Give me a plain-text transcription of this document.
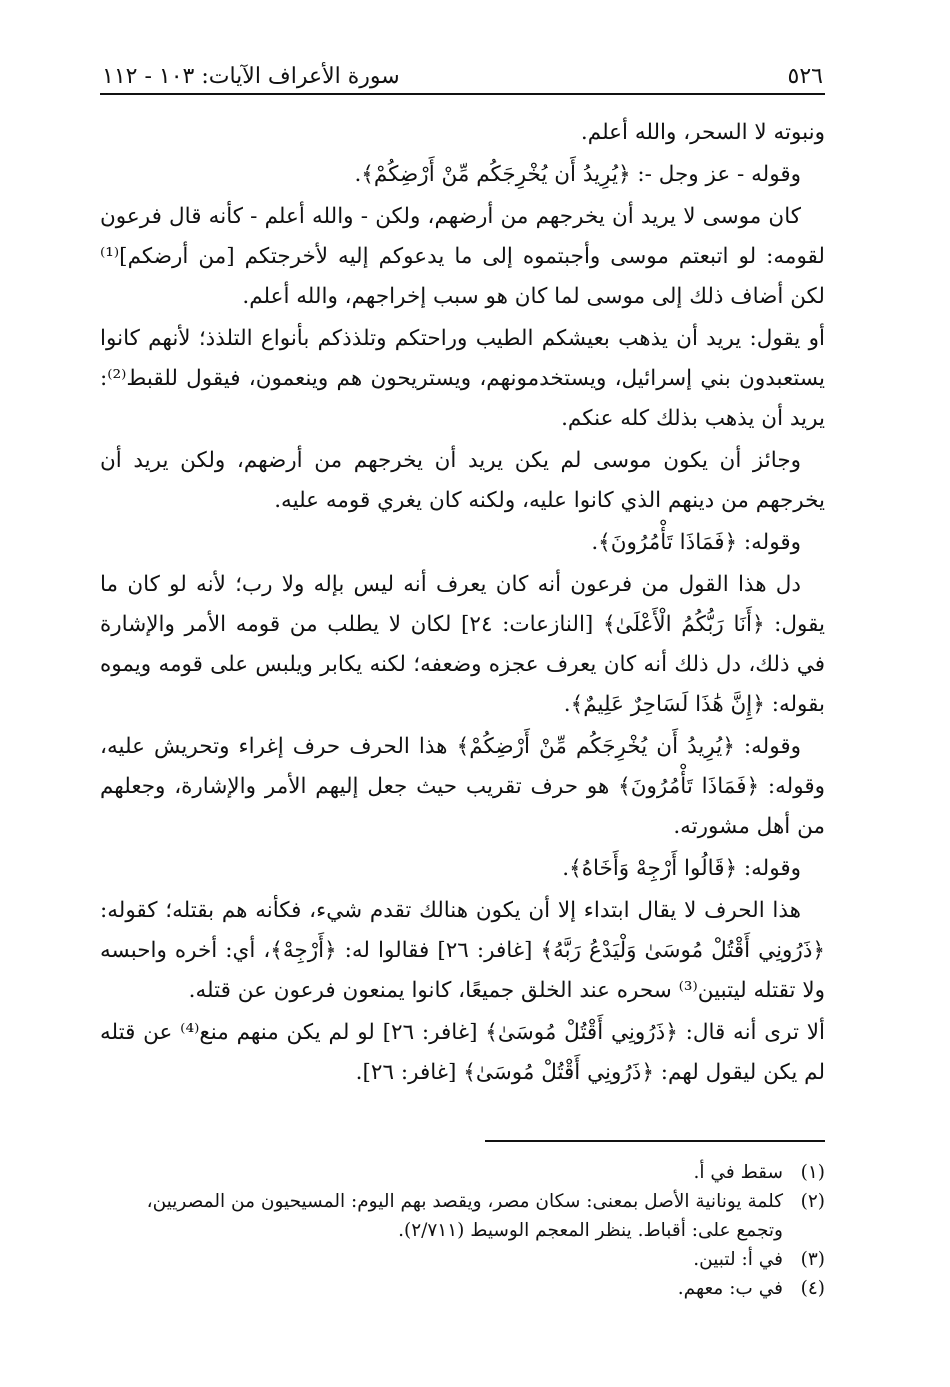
٥٢٦
سورة الأعراف الآيات: ١٠٣ - ١١٢

ونبوته لا السحر، والله أعلم.

وقوله - عز وجل -: ﴿يُرِيدُ أَن يُخْرِجَكُم مِّنْ أَرْضِكُمْ﴾.

كان موسى لا يريد أن يخرجهم من أرضهم، ولكن - والله أعلم - كأنه قال فرعون لقومه: لو اتبعتم موسى وأجبتموه إلى ما يدعوكم إليه لأخرجتكم [من أرضكم]⁽¹⁾ لكن أضاف ذلك إلى موسى لما كان هو سبب إخراجهم، والله أعلم.

أو يقول: يريد أن يذهب بعيشكم الطيب وراحتكم وتلذذكم بأنواع التلذذ؛ لأنهم كانوا يستعبدون بني إسرائيل، ويستخدمونهم، ويستريحون هم وينعمون، فيقول للقبط⁽²⁾: يريد أن يذهب بذلك كله عنكم.

وجائز أن يكون موسى لم يكن يريد أن يخرجهم من أرضهم، ولكن يريد أن يخرجهم من دينهم الذي كانوا عليه، ولكنه كان يغري قومه عليه.

وقوله: ﴿فَمَاذَا تَأْمُرُونَ﴾.

دل هذا القول من فرعون أنه كان يعرف أنه ليس بإله ولا رب؛ لأنه لو كان ما يقول: ﴿أَنَا رَبُّكُمُ الْأَعْلَىٰ﴾ [النازعات: ٢٤] لكان لا يطلب من قومه الأمر والإشارة في ذلك، دل ذلك أنه كان يعرف عجزه وضعفه؛ لكنه يكابر ويلبس على قومه ويموه بقوله: ﴿إِنَّ هَٰذَا لَسَاحِرٌ عَلِيمٌ﴾.

وقوله: ﴿يُرِيدُ أَن يُخْرِجَكُم مِّنْ أَرْضِكُمْ﴾ هذا الحرف حرف إغراء وتحريش عليه، وقوله: ﴿فَمَاذَا تَأْمُرُونَ﴾ هو حرف تقريب حيث جعل إليهم الأمر والإشارة، وجعلهم من أهل مشورته.

وقوله: ﴿قَالُوا أَرْجِهْ وَأَخَاهُ﴾.

هذا الحرف لا يقال ابتداء إلا أن يكون هنالك تقدم شيء، فكأنه هم بقتله؛ كقوله: ﴿ذَرُونِي أَقْتُلْ مُوسَىٰ وَلْيَدْعُ رَبَّهُ﴾ [غافر: ٢٦] فقالوا له: ﴿أَرْجِهْ﴾، أي: أخره واحبسه ولا تقتله ليتبين⁽³⁾ سحره عند الخلق جميعًا، كانوا يمنعون فرعون عن قتله.

ألا ترى أنه قال: ﴿ذَرُونِي أَقْتُلْ مُوسَىٰ﴾ [غافر: ٢٦] لو لم يكن منهم منع⁽⁴⁾ عن قتله لم يكن ليقول لهم: ﴿ذَرُونِي أَقْتُلْ مُوسَىٰ﴾ [غافر: ٢٦].

(١)
سقط في أ.
(٢)
كلمة يونانية الأصل بمعنى: سكان مصر، ويقصد بهم اليوم: المسيحيون من المصريين، وتجمع على: أقباط. ينظر المعجم الوسيط (٢/٧١١).
(٣)
في أ: لتبين.
(٤)
في ب: معهم.
